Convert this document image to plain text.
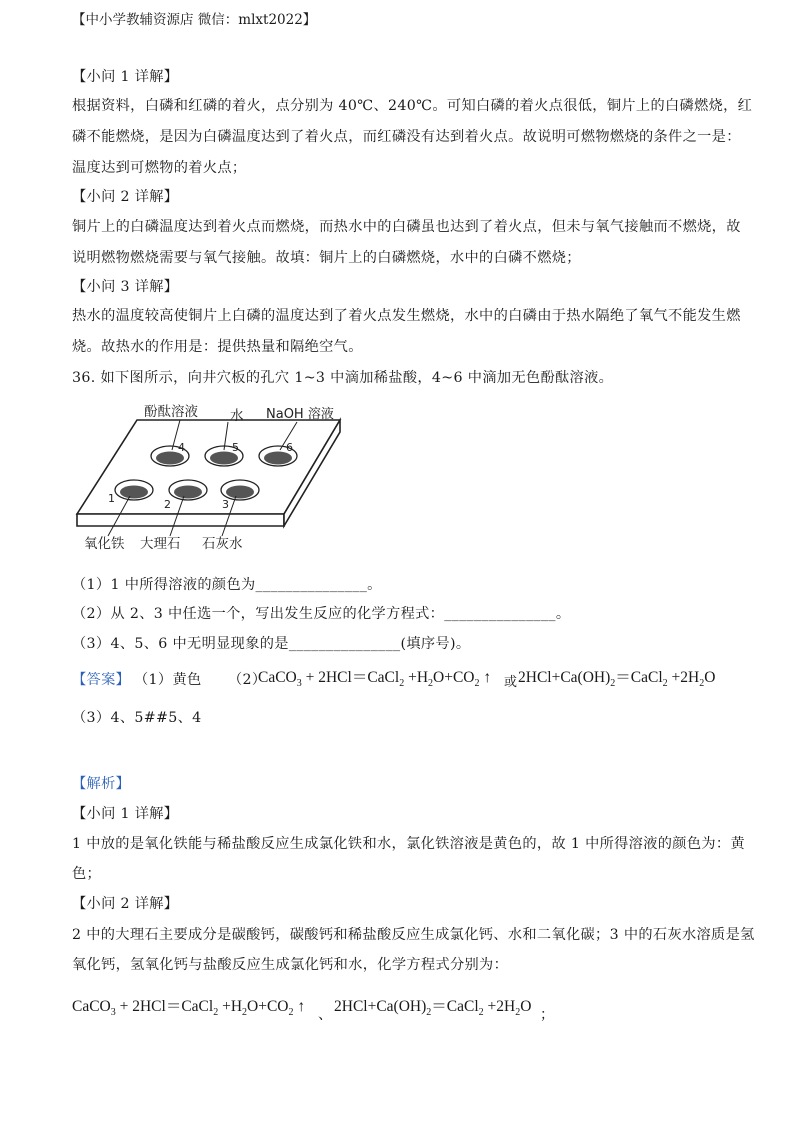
【中小学教辅资源店 微信：mlxt2022】
【小问 1 详解】
根据资料，白磷和红磷的着火，点分别为 40℃、240℃。可知白磷的着火点很低，铜片上的白磷燃烧，红
磷不能燃烧，是因为白磷温度达到了着火点，而红磷没有达到着火点。故说明可燃物燃烧的条件之一是：
温度达到可燃物的着火点；
【小问 2 详解】
铜片上的白磷温度达到着火点而燃烧，而热水中的白磷虽也达到了着火点，但未与氧气接触而不燃烧，故
说明燃物燃烧需要与氧气接触。故填：铜片上的白磷燃烧，水中的白磷不燃烧；
【小问 3 详解】
热水的温度较高使铜片上白磷的温度达到了着火点发生燃烧，水中的白磷由于热水隔绝了氧气不能发生燃
烧。故热水的作用是：提供热量和隔绝空气。
36. 如下图所示，向井穴板的孔穴 1~3 中滴加稀盐酸，4~6 中滴加无色酚酞溶液。
4	5	6
1	2	3
酚酞溶液 水 NaOH 溶液
氧化铁 大理石 石灰水
（1）1 中所得溶液的颜色为_______________。
（2）从 2、3 中任选一个，写出发生反应的化学方程式：_______________。
（3）4、5、6 中无明显现象的是_______________(填序号)。
【答案】 （1）黄色 （2）
CaCO$_3$ + 2HCl＝CaCl$_2$ $+H_2O+CO_2$ ↑ 或 $2HCl+Ca(OH)_2=CaCl_2 +2H_2O$
（3）4、5##5、4
【解析】
【小问 1 详解】
1 中放的是氧化铁能与稀盐酸反应生成氯化铁和水，氯化铁溶液是黄色的，故 1 中所得溶液的颜色为：黄
色；
【小问 2 详解】
2 中的大理石主要成分是碳酸钙，碳酸钙和稀盐酸反应生成氯化钙、水和二氧化碳；3 中的石灰水溶质是氢
氧化钙，氢氧化钙与盐酸反应生成氯化钙和水，化学方程式分别为：
CaCO$_3$ + 2HCl＝CaCl$_2$ $+H_2O+CO_2$ ↑ 、 $2HCl+Ca(OH)_2=CaCl_2 +2H_2O$ ；
